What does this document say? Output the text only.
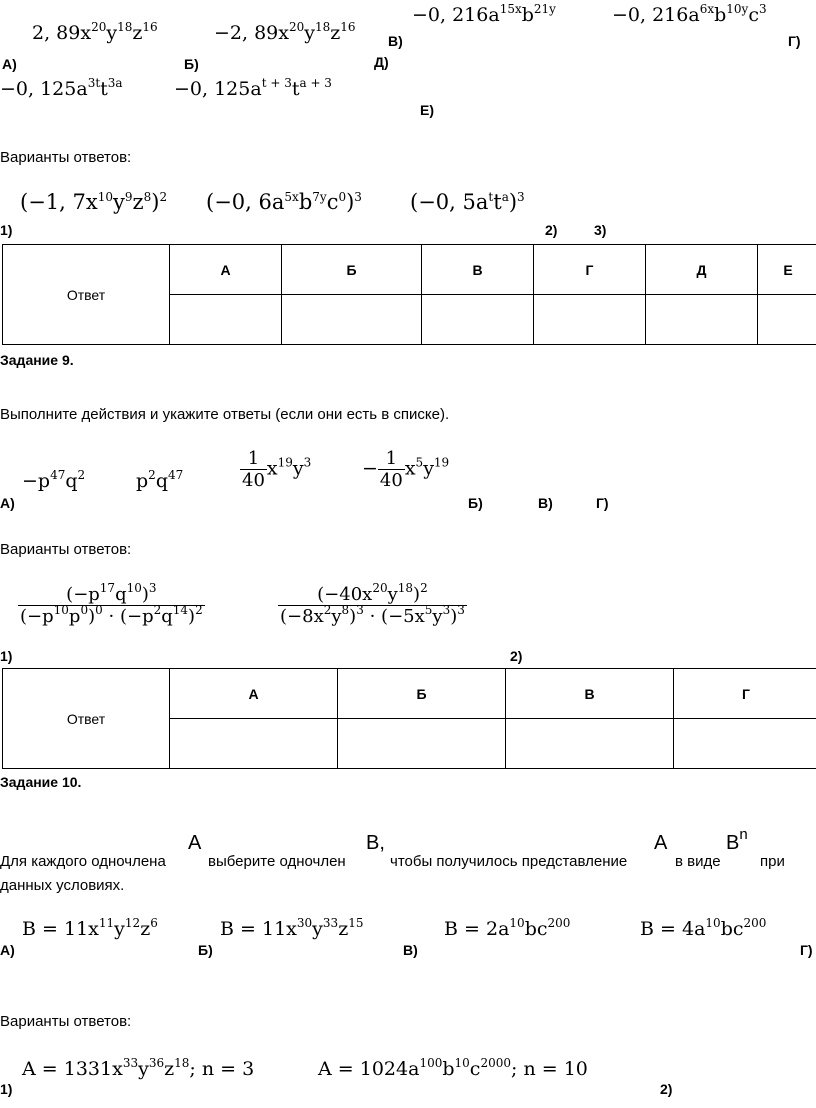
2, $89x^{20}y^{18}z^{16}$
А)
−2, $89x^{20}y^{18}z^{16}$
Б)
В)
−0, $216a^{15x}b^{21y}$	−0, $216a^{6x}b^{10y}c^3$
Г)
Д)
−0, $125a^{3t}t^{3a}$	−0, $125a^{t + 3}t^{a + 3}$
Е)
Варианты ответов:
1)
(−1, $7x^{10}y^9z^8)^2$ (−0, $6a^{5x}b^{7y}c^0)^3$ (−0, $5a^tt^a)^3$
2)	3)
Ответ	А	Б	В	Г	Д	Е

Задание 9.
Выполните действия и укажите ответы (если они есть в списке).
А)
$-p^{47}q^2$	$p^2q^{47}$	$\frac{1}{40} x^{19}y^3$	− $\frac{1}{40} x^5y^{19}$
Б)	В)	Г)
Варианты ответов:
1)
$\frac{(-p^{17}q^{10})^3}{(-p^{10}p^0)^0 \cdot (-p^2q^{14})^2}$	$\frac{(-40x^{20}y^{18})^2}{(-8x^2y^8)^3 \cdot (-5x^5y^3)^3}$
2)
Ответ	А	Б	В	Г

Задание 10.
Для каждого одночлена
A
выберите одночлен
B,
чтобы получилось представление
A
в виде
$B^n$
при
данных условиях.
А)
$B = 11x^{11}y^{12}z^6$
Б)
$B = 11x^{30}y^{33}z^{15}$
В)
$B = 2a^{10}bc^{200}$	$B = 4a^{10}bc^{200}$
Г)
Варианты ответов:
1)
$A = 1331x^{33}y^{36}z^{18}$; n = 3	$A = 1024a^{100}b^{10}c^{2000}$; n = 10
2)
